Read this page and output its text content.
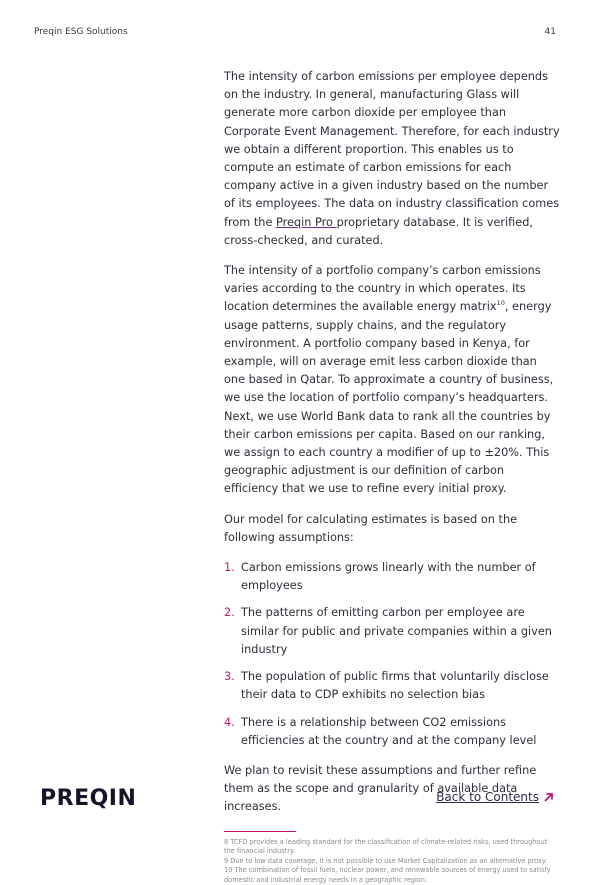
Preqin ESG Solutions	41

The intensity of carbon emissions per employee depends on the industry. In general, manufacturing Glass will generate more carbon dioxide per employee than Corporate Event Management. Therefore, for each industry we obtain a different proportion. This enables us to compute an estimate of carbon emissions for each company active in a given industry based on the number of its employees. The data on industry classification comes from the Preqin Pro proprietary database. It is verified, cross-checked, and curated.

The intensity of a portfolio company’s carbon emissions varies according to the country in which operates. Its location determines the available energy matrix$^{10}$, energy usage patterns, supply chains, and the regulatory environment. A portfolio company based in Kenya, for example, will on average emit less carbon dioxide than one based in Qatar. To approximate a country of business, we use the location of portfolio company’s headquarters. Next, we use World Bank data to rank all the countries by their carbon emissions per capita. Based on our ranking, we assign to each country a modifier of up to ±20%. This geographic adjustment is our definition of carbon efficiency that we use to refine every initial proxy.

Our model for calculating estimates is based on the following assumptions:

1. Carbon emissions grows linearly with the number of employees
2. The patterns of emitting carbon per employee are similar for public and private companies within a given industry
3. The population of public firms that voluntarily disclose their data to CDP exhibits no selection bias
4. There is a relationship between CO2 emissions efficiencies at the country and at the company level

We plan to revisit these assumptions and further refine them as the scope and granularity of available data increases.

8 TCFD provides a leading standard for the classification of climate-related risks, used throughout the financial industry.

9 Due to low data coverage, it is not possible to use Market Capitalization as an alternative proxy.

10 The combination of fossil fuels, nuclear power, and renewable sources of energy used to satisfy domestic and industrial energy needs in a geographic region.

PREQIN	Back to Contents
